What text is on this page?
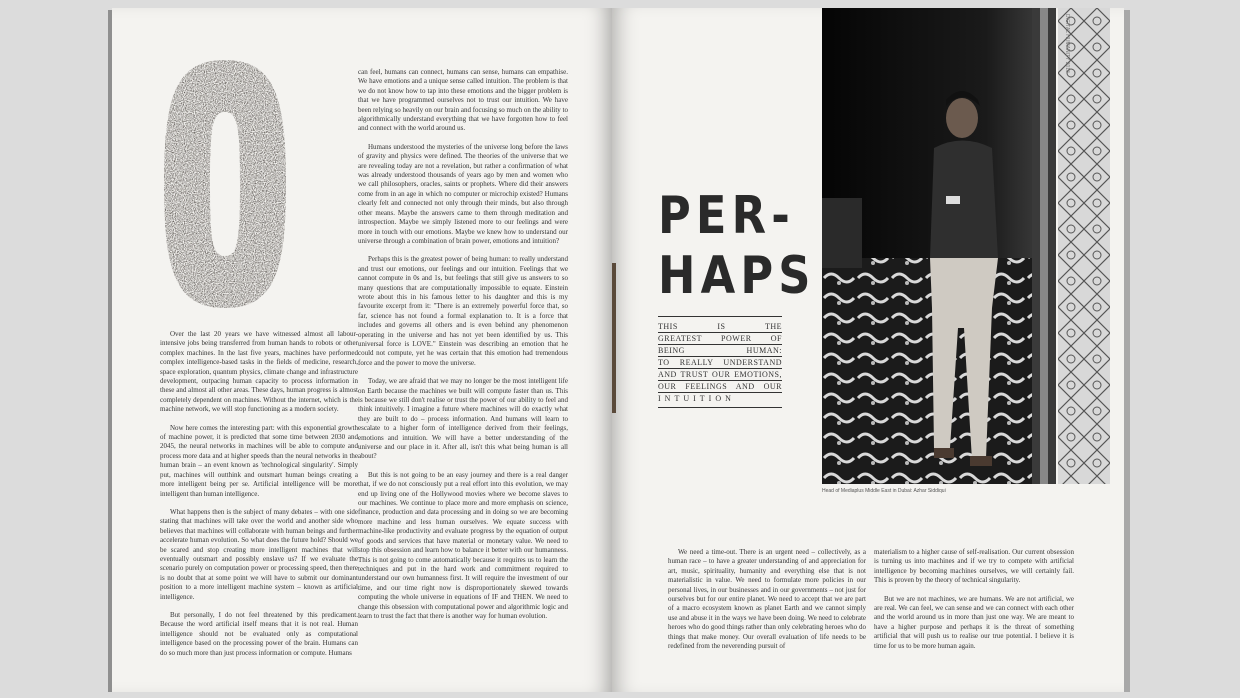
O

Over the last 20 years we have witnessed almost all labour-intensive jobs being transferred from human hands to robots or other complex machines. In the last five years, machines have performed complex intelligence-based tasks in the fields of medicine, research, space exploration, quantum physics, climate change and infrastructure development, outpacing human capacity to process information in these and almost all other areas. These days, human progress is almost completely dependent on machines. Without the internet, which is the machine network, we will stop functioning as a modern society.

Now here comes the interesting part: with this exponential growth of machine power, it is predicted that some time between 2030 and 2045, the neural networks in machines will be able to compute and process more data and at higher speeds than the neural networks in the human brain – an event known as 'technological singularity'. Simply put, machines will outthink and outsmart human beings creating a more intelligent being per se. Artificial intelligence will be more intelligent than human intelligence.

What happens then is the subject of many debates – with one side stating that machines will take over the world and another side who believes that machines will collaborate with human beings and further accelerate human evolution. So what does the future hold? Should we be scared and stop creating more intelligent machines that will eventually outsmart and possibly enslave us? If we evaluate the scenario purely on computation power or processing speed, then there is no doubt that at some point we will have to submit our dominant position to a more intelligent machine system – known as artificial intelligence.

But personally, I do not feel threatened by this predicament. Because the word artificial itself means that it is not real. Human intelligence should not be evaluated only as computational intelligence based on the processing power of the brain. Humans can do so much more than just process information or compute. Humans

can feel, humans can connect, humans can sense, humans can empathise. We have emotions and a unique sense called intuition. The problem is that we do not know how to tap into these emotions and the bigger problem is that we have programmed ourselves not to trust our intuition. We have been relying so heavily on our brain and focusing so much on the ability to algorithmically understand everything that we have forgotten how to feel and connect with the world around us.

Humans understood the mysteries of the universe long before the laws of gravity and physics were defined. The theories of the universe that we are revealing today are not a revelation, but rather a confirmation of what was already understood thousands of years ago by men and women who we call philosophers, oracles, saints or prophets. Where did their answers come from in an age in which no computer or microchip existed? Humans clearly felt and connected not only through their minds, but also through other means. Maybe the answers came to them through meditation and introspection. Maybe we simply listened more to our feelings and were more in touch with our emotions. Maybe we knew how to understand our universe through a combination of brain power, emotions and intuition?

Perhaps this is the greatest power of being human: to really understand and trust our emotions, our feelings and our intuition. Feelings that we cannot compute in 0s and 1s, but feelings that still give us answers to so many questions that are computationally impossible to equate. Einstein wrote about this in his famous letter to his daughter and this is my favourite excerpt from it: "There is an extremely powerful force that, so far, science has not found a formal explanation to. It is a force that includes and governs all others and is even behind any phenomenon operating in the universe and has not yet been identified by us. This universal force is LOVE." Einstein was describing an emotion that he could not compute, yet he was certain that this emotion had tremendous force and the power to move the universe.

Today, we are afraid that we may no longer be the most intelligent life on Earth because the machines we built will compute faster than us. This is because we still don't realise or trust the power of our ability to feel and think intuitively. I imagine a future where machines will do exactly what they are built to do – process information. And humans will learn to escalate to a higher form of intelligence derived from their feelings, emotions and intuition. We will have a better understanding of the universe and our place in it. After all, isn't this what being human is all about?

But this is not going to be an easy journey and there is a real danger that, if we do not consciously put a real effort into this evolution, we may end up living one of the Hollywood movies where we become slaves to our machines. We continue to place more and more emphasis on science, finance, production and data processing and in doing so we are becoming more machine and less human ourselves. We equate success with machine-like productivity and evaluate progress by the equation of output of goods and services that have material or monetary value. We need to stop this obsession and learn how to balance it better with our humanness. This is not going to come automatically because it requires us to learn the techniques and put in the hard work and commitment required to understand our own humanness first. It will require the investment of our time, and our time right now is disproportionately skewed towards computing the whole universe in equations of IF and THEN. We need to change this obsession with computational power and algorithmic logic and learn to trust the fact that there is another way for human evolution.

PER-
HAPS
THIS IS THE
GREATEST POWER OF
BEING HUMAN:
TO REALLY UNDERSTAND
AND TRUST OUR EMOTIONS,
OUR FEELINGS AND OUR
INTUITION
Head of Mediaplus Middle East in Dubai: Azhar Siddiqui
DIGITAL HUMANITY 2018

We need a time-out. There is an urgent need – collectively, as a human race – to have a greater understanding of and appreciation for art, music, spirituality, humanity and everything else that is not materialistic in value. We need to formulate more policies in our personal lives, in our businesses and in our governments – not just for ourselves but for our entire planet. We need to accept that we are part of a macro ecosystem known as planet Earth and we cannot simply use and abuse it in the ways we have been doing. We need to celebrate heroes who do good things rather than only celebrating heroes who do things that make money. Our overall evaluation of life needs to be redefined from the neverending pursuit of

materialism to a higher cause of self-realisation. Our current obsession is turning us into machines and if we try to compete with artificial intelligence by becoming machines ourselves, we will certainly fail. This is proven by the theory of technical singularity.

But we are not machines, we are humans. We are not artificial, we are real. We can feel, we can sense and we can connect with each other and the world around us in more than just one way. We are meant to have a higher purpose and perhaps it is the threat of something artificial that will push us to realise our true potential. I believe it is time for us to be more human again.
